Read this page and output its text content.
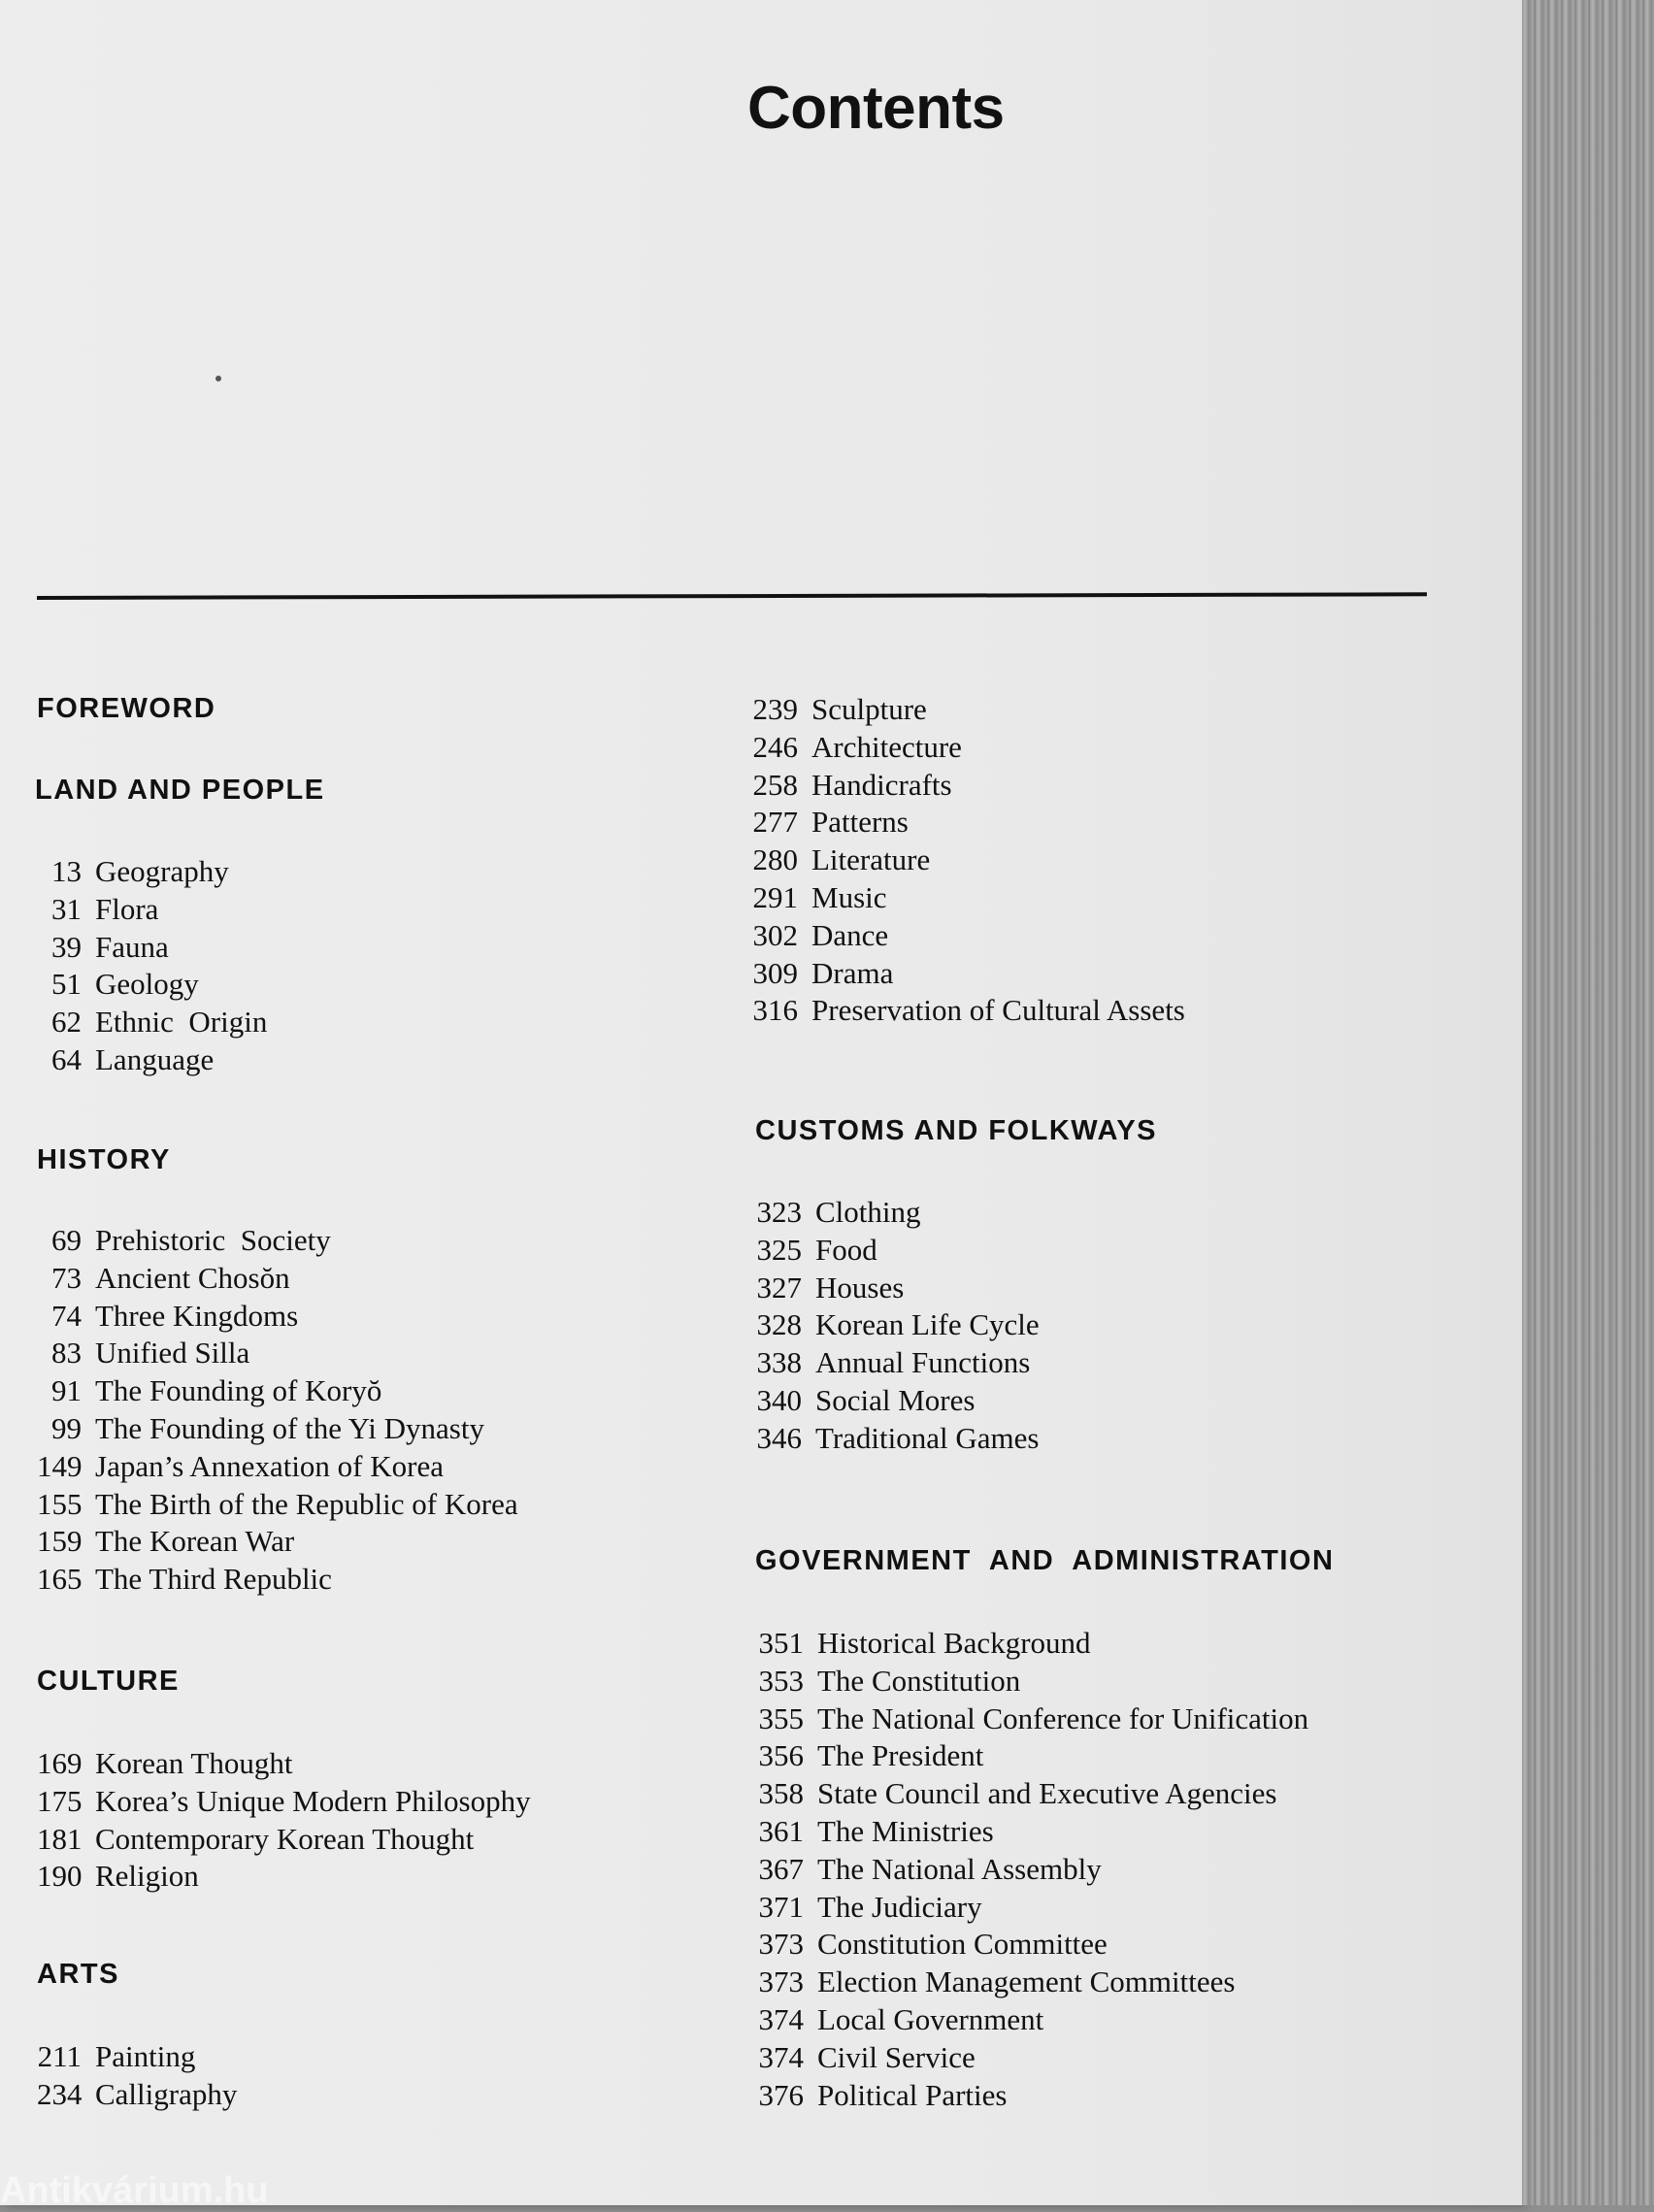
Contents
FOREWORD
LAND AND PEOPLE
13 Geography
31 Flora
39 Fauna
51 Geology
62 Ethnic  Origin
64 Language
HISTORY
69 Prehistoric  Society
73 Ancient Chosŏn
74 Three Kingdoms
83 Unified Silla
91 The Founding of Koryŏ
99 The Founding of the Yi Dynasty
149 Japan’s Annexation of Korea
155 The Birth of the Republic of Korea
159 The Korean War
165 The Third Republic
CULTURE
169 Korean Thought
175 Korea’s Unique Modern Philosophy
181 Contemporary Korean Thought
190 Religion
ARTS
211 Painting
234 Calligraphy
239 Sculpture
246 Architecture
258 Handicrafts
277 Patterns
280 Literature
291 Music
302 Dance
309 Drama
316 Preservation of Cultural Assets
CUSTOMS AND FOLKWAYS
323 Clothing
325 Food
327 Houses
328 Korean Life Cycle
338 Annual Functions
340 Social Mores
346 Traditional Games
GOVERNMENT  AND  ADMINISTRATION
351 Historical Background
353 The Constitution
355 The National Conference for Unification
356 The President
358 State Council and Executive Agencies
361 The Ministries
367 The National Assembly
371 The Judiciary
373 Constitution Committee
373 Election Management Committees
374 Local Government
374 Civil Service
376 Political Parties
Antikvárium.hu
